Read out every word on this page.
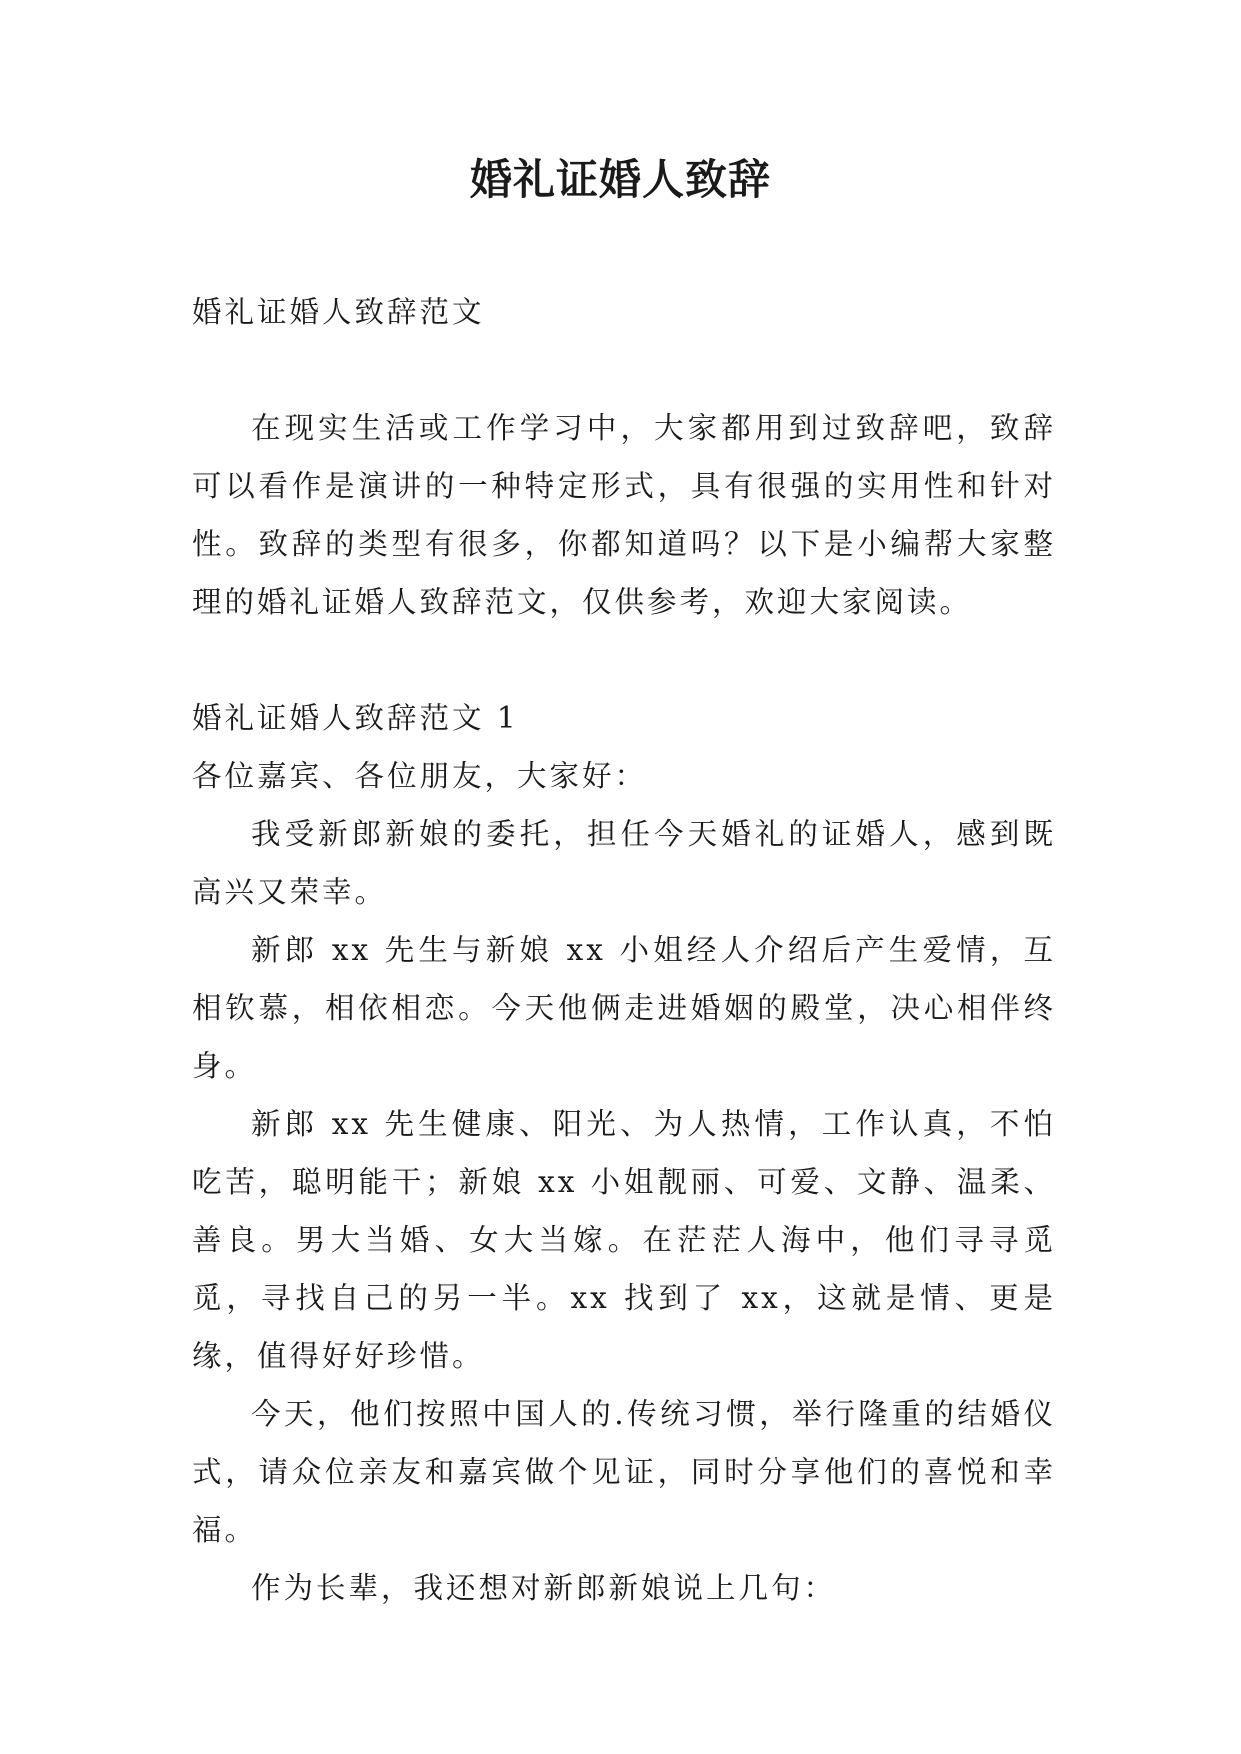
婚礼证婚人致辞

婚礼证婚人致辞范文

在现实生活或工作学习中，大家都用到过致辞吧，致辞可以看作是演讲的一种特定形式，具有很强的实用性和针对性。致辞的类型有很多，你都知道吗？以下是小编帮大家整理的婚礼证婚人致辞范文，仅供参考，欢迎大家阅读。

婚礼证婚人致辞范文 1

各位嘉宾、各位朋友，大家好：

我受新郎新娘的委托，担任今天婚礼的证婚人，感到既高兴又荣幸。

新郎 xx 先生与新娘 xx 小姐经人介绍后产生爱情，互相钦慕，相依相恋。今天他俩走进婚姻的殿堂，决心相伴终身。

新郎 xx 先生健康、阳光、为人热情，工作认真，不怕吃苦，聪明能干；新娘 xx 小姐靓丽、可爱、文静、温柔、善良。男大当婚、女大当嫁。在茫茫人海中，他们寻寻觅觅，寻找自己的另一半。xx 找到了 xx，这就是情、更是缘，值得好好珍惜。

今天，他们按照中国人的.传统习惯，举行隆重的结婚仪式，请众位亲友和嘉宾做个见证，同时分享他们的喜悦和幸福。

作为长辈，我还想对新郎新娘说上几句：
